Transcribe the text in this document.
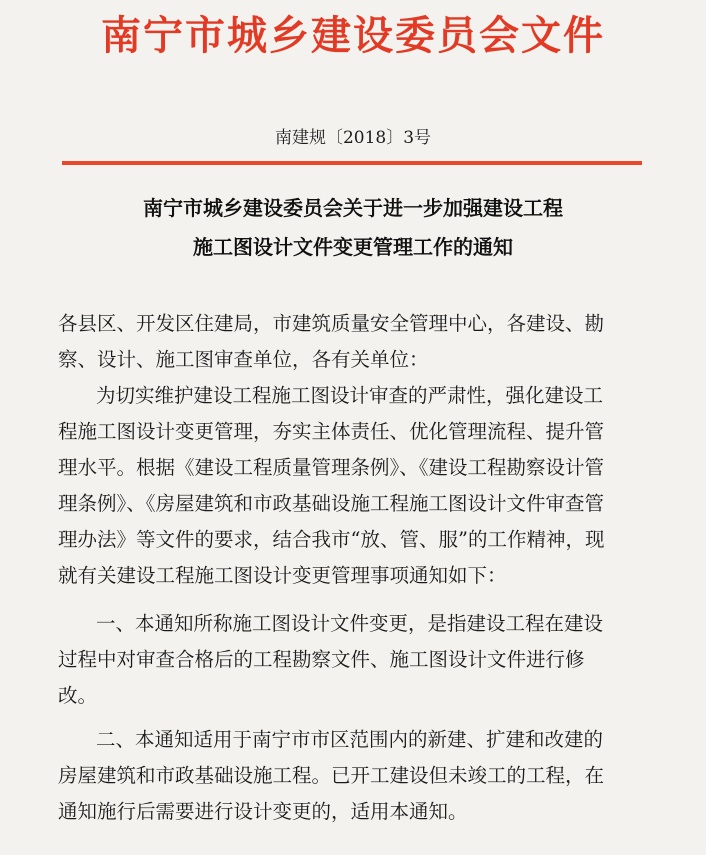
南宁市城乡建设委员会文件
南建规〔2018〕3号
南宁市城乡建设委员会关于进一步加强建设工程
施工图设计文件变更管理工作的通知
各县区、开发区住建局，市建筑质量安全管理中心，各建设、勘
察、设计、施工图审查单位，各有关单位：
为切实维护建设工程施工图设计审查的严肃性，强化建设工
程施工图设计变更管理，夯实主体责任、优化管理流程、提升管
理水平。根据《建设工程质量管理条例》、《建设工程勘察设计管
理条例》、《房屋建筑和市政基础设施工程施工图设计文件审查管
理办法》等文件的要求，结合我市“放、管、服”的工作精神，现
就有关建设工程施工图设计变更管理事项通知如下：
一、本通知所称施工图设计文件变更，是指建设工程在建设
过程中对审查合格后的工程勘察文件、施工图设计文件进行修
改。
二、本通知适用于南宁市市区范围内的新建、扩建和改建的
房屋建筑和市政基础设施工程。已开工建设但未竣工的工程，在
通知施行后需要进行设计变更的，适用本通知。
